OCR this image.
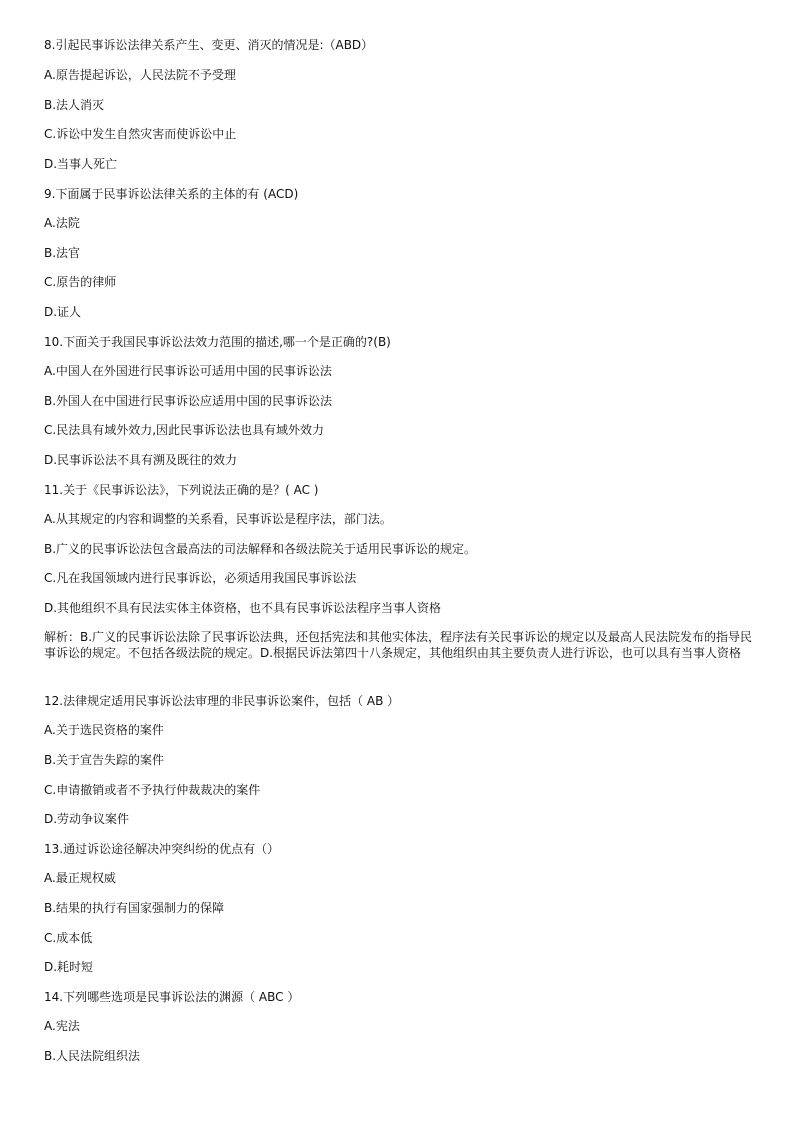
8.引起民事诉讼法律关系产生、变更、消灭的情况是:（ABD）
A.原告提起诉讼，人民法院不予受理
B.法人消灭
C.诉讼中发生自然灾害而使诉讼中止
D.当事人死亡
9.下面属于民事诉讼法律关系的主体的有 (ACD)
A.法院
B.法官
C.原告的律师
D.证人
10.下面关于我国民事诉讼法效力范围的描述,哪一个是正确的?(B)
A.中国人在外国进行民事诉讼可适用中国的民事诉讼法
B.外国人在中国进行民事诉讼应适用中国的民事诉讼法
C.民法具有域外效力,因此民事诉讼法也具有域外效力
D.民事诉讼法不具有溯及既往的效力
11.关于《民事诉讼法》，下列说法正确的是？( AC )
A.从其规定的内容和调整的关系看，民事诉讼是程序法，部门法。
B.广义的民事诉讼法包含最高法的司法解释和各级法院关于适用民事诉讼的规定。
C.凡在我国领域内进行民事诉讼，必须适用我国民事诉讼法
D.其他组织不具有民法实体主体资格，也不具有民事诉讼法程序当事人资格
解析：B.广义的民事诉讼法除了民事诉讼法典，还包括宪法和其他实体法，程序法有关民事诉讼的规定以及最高人民法院发布的指导民事诉讼的规定。不包括各级法院的规定。D.根据民诉法第四十八条规定，其他组织由其主要负责人进行诉讼，也可以具有当事人资格
12.法律规定适用民事诉讼法审理的非民事诉讼案件，包括（ AB ）
A.关于选民资格的案件
B.关于宣告失踪的案件
C.申请撤销或者不予执行仲裁裁决的案件
D.劳动争议案件
13.通过诉讼途径解决冲突纠纷的优点有（）
A.最正规权威
B.结果的执行有国家强制力的保障
C.成本低
D.耗时短
14.下列哪些选项是民事诉讼法的渊源（ ABC ）
A.宪法
B.人民法院组织法
